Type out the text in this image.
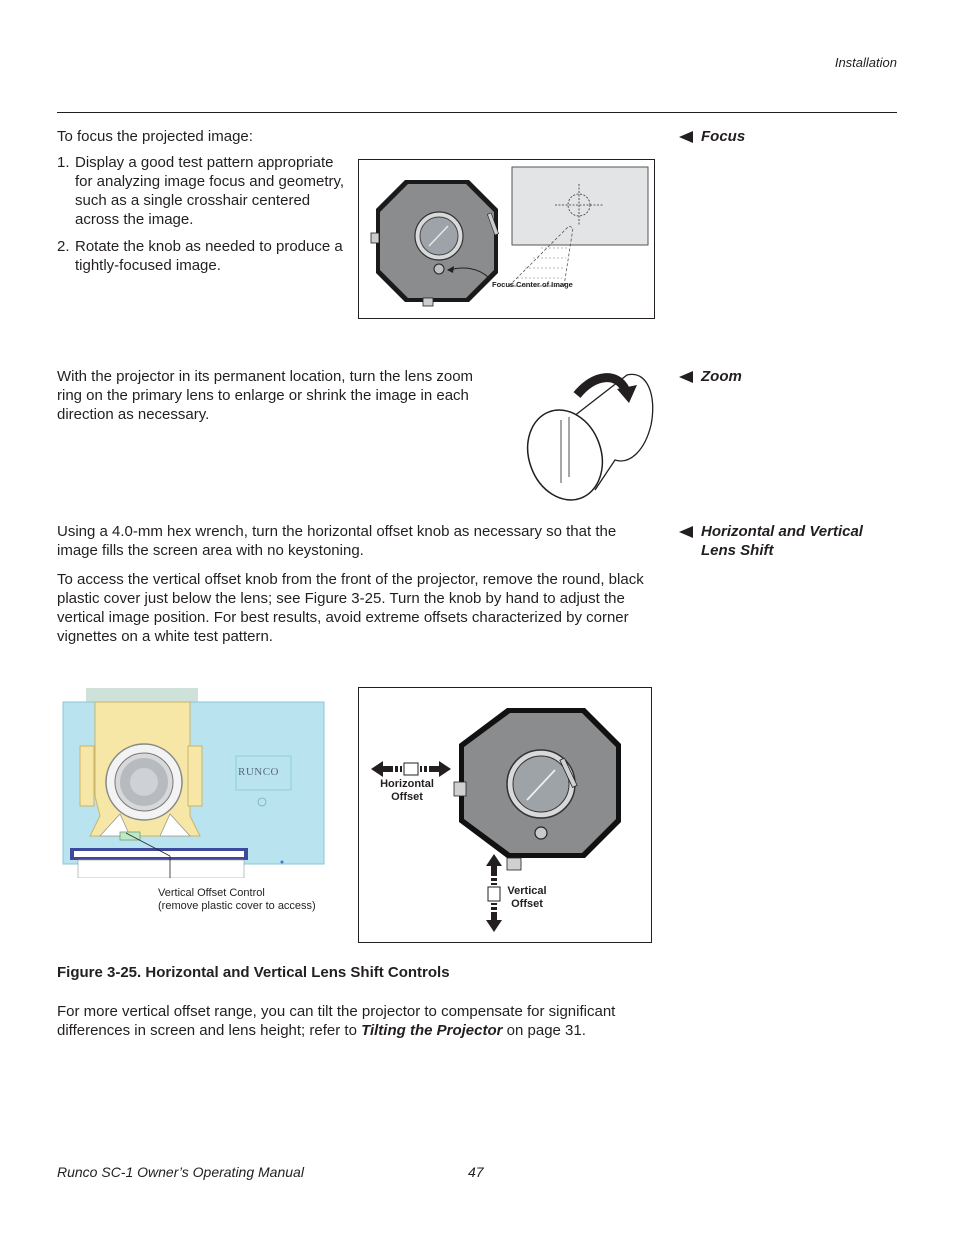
Installation
Focus
To focus the projected image:
1. Display a good test pattern appropriate for analyzing image focus and geometry, such as a single crosshair centered across the image.
2. Rotate the knob as needed to produce a tightly-focused image.
Focus Center of Image
Zoom
With the projector in its permanent location, turn the lens zoom ring on the primary lens to enlarge or shrink the image in each direction as necessary.
Horizontal and Vertical
Lens Shift
Using a 4.0-mm hex wrench, turn the horizontal offset knob as necessary so that the image fills the screen area with no keystoning.
To access the vertical offset knob from the front of the projector, remove the round, black plastic cover just below the lens; see Figure 3-25. Turn the knob by hand to adjust the vertical image position. For best results, avoid extreme offsets characterized by corner vignettes on a white test pattern.
RUNCO
Vertical Offset Control
(remove plastic cover to access)
Horizontal
Offset
Vertical
Offset
Figure 3-25. Horizontal and Vertical Lens Shift Controls
For more vertical offset range, you can tilt the projector to compensate for significant differences in screen and lens height; refer to Tilting the Projector on page 31.
Runco SC-1 Owner’s Operating Manual	47
